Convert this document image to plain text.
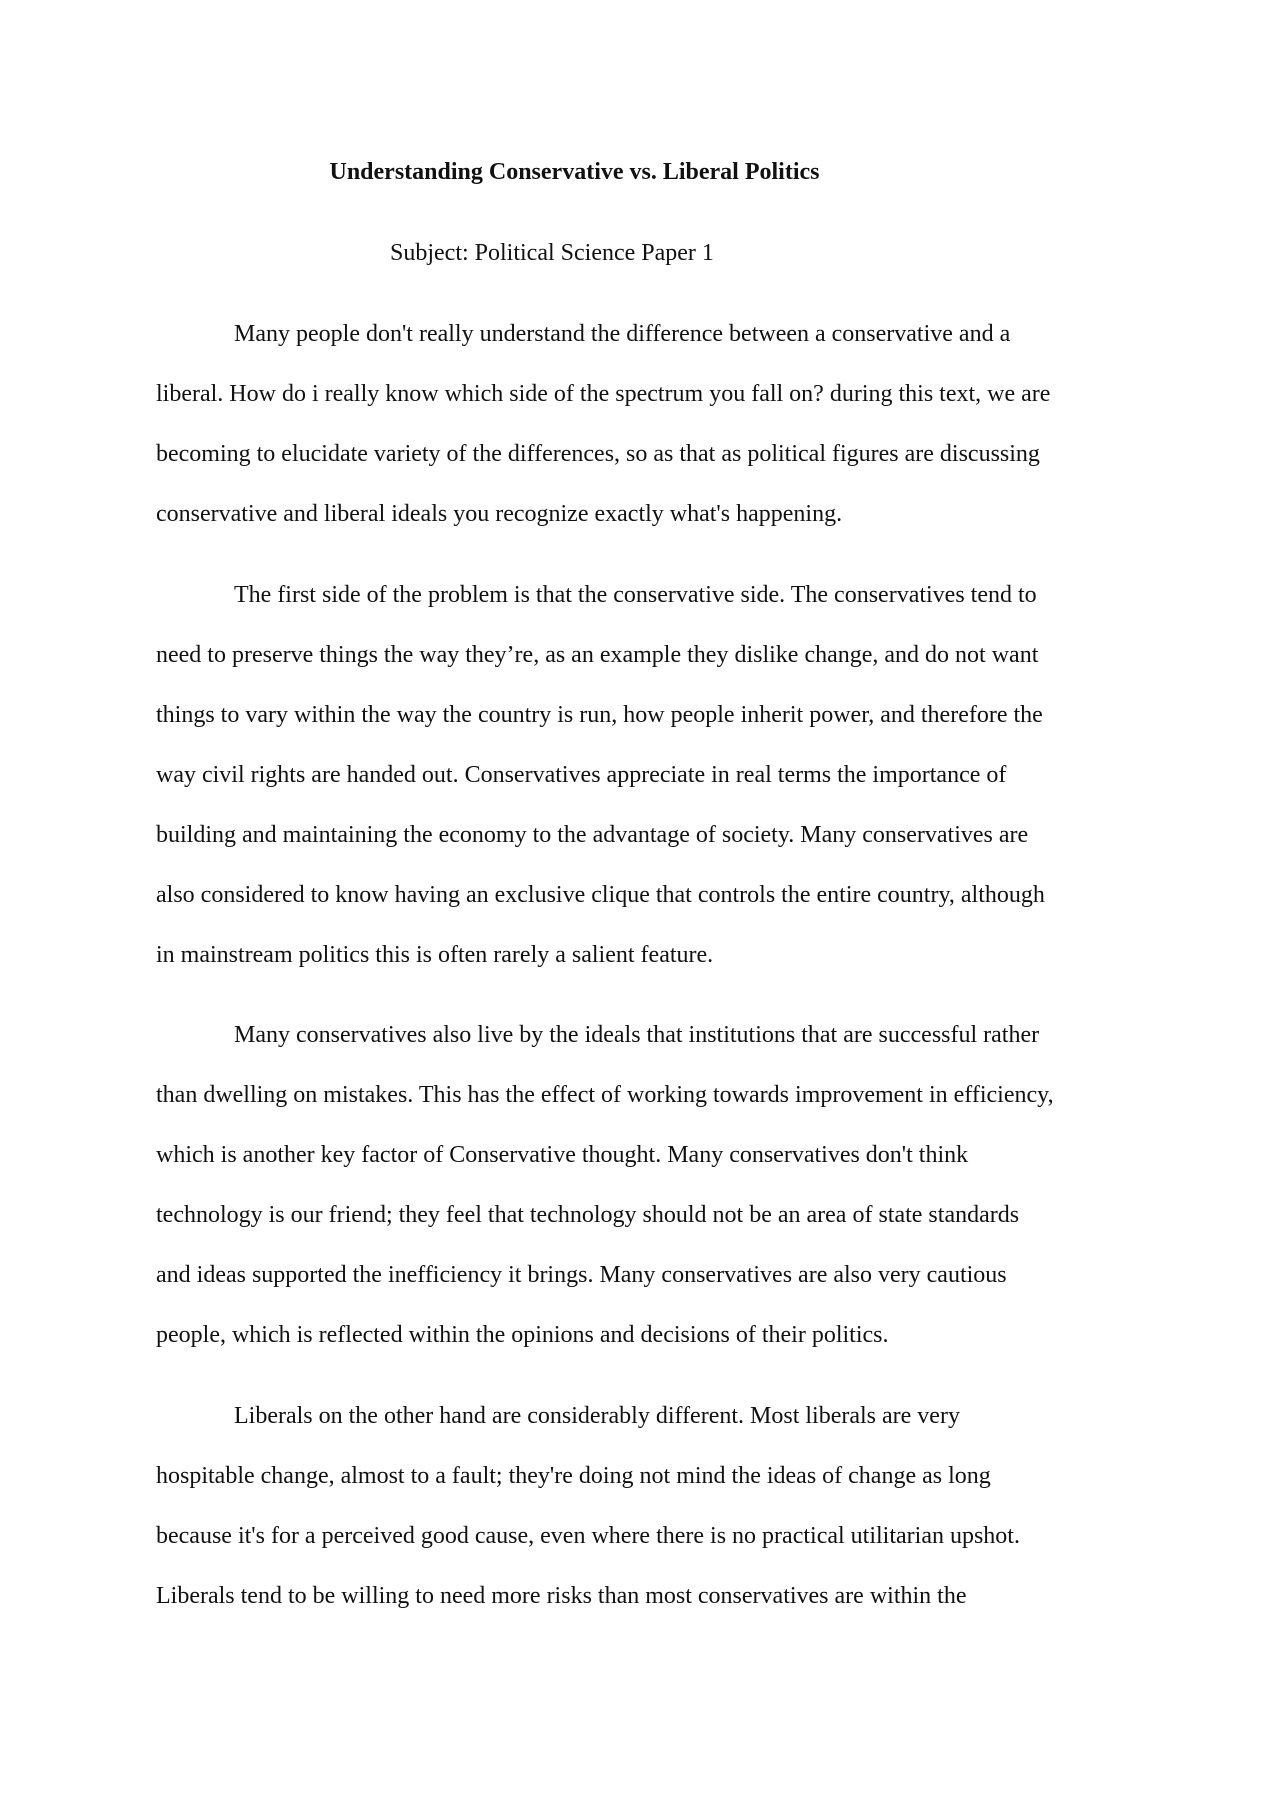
Understanding Conservative vs. Liberal Politics

Subject: Political Science Paper 1

Many people don't really understand the difference between a conservative and a
liberal. How do i really know which side of the spectrum you fall on? during this text, we are
becoming to elucidate variety of the differences, so as that as political figures are discussing
conservative and liberal ideals you recognize exactly what's happening.
The first side of the problem is that the conservative side. The conservatives tend to
need to preserve things the way they’re, as an example they dislike change, and do not want
things to vary within the way the country is run, how people inherit power, and therefore the
way civil rights are handed out. Conservatives appreciate in real terms the importance of
building and maintaining the economy to the advantage of society. Many conservatives are
also considered to know having an exclusive clique that controls the entire country, although
in mainstream politics this is often rarely a salient feature.
Many conservatives also live by the ideals that institutions that are successful rather
than dwelling on mistakes. This has the effect of working towards improvement in efficiency,
which is another key factor of Conservative thought. Many conservatives don't think
technology is our friend; they feel that technology should not be an area of state standards
and ideas supported the inefficiency it brings. Many conservatives are also very cautious
people, which is reflected within the opinions and decisions of their politics.
Liberals on the other hand are considerably different. Most liberals are very
hospitable change, almost to a fault; they're doing not mind the ideas of change as long
because it's for a perceived good cause, even where there is no practical utilitarian upshot.
Liberals tend to be willing to need more risks than most conservatives are within the
